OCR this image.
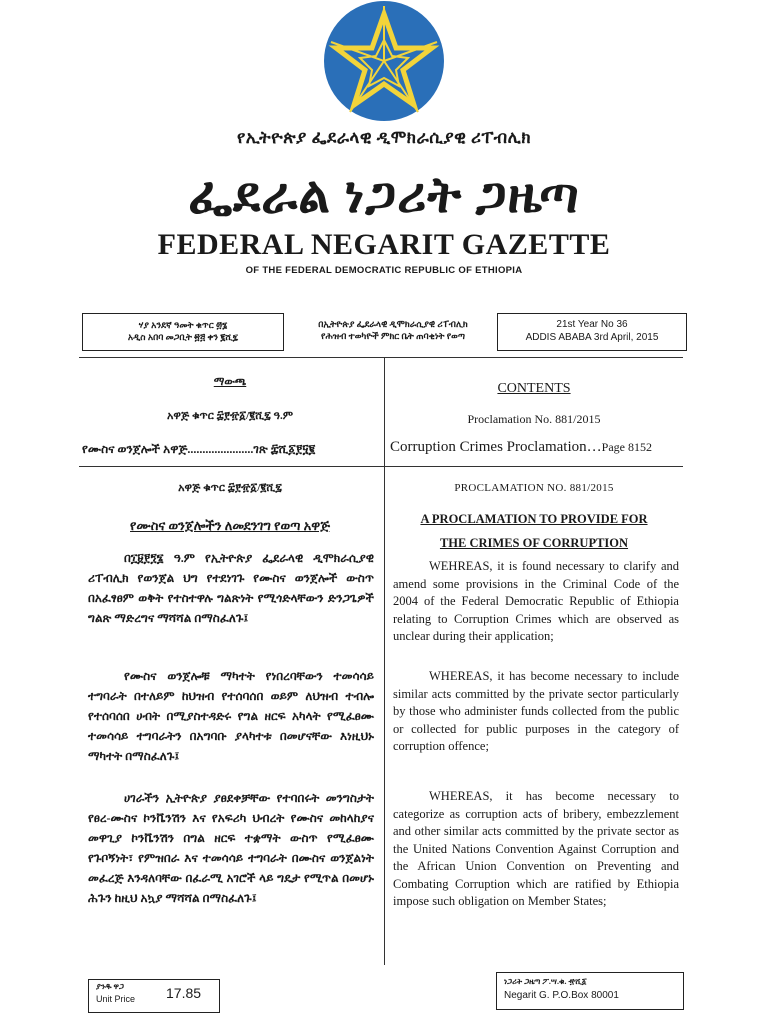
የኢትዮጵያ ፌደራላዊ ዲሞክራሲያዊ ሪፐብሊክ
ፌደራል ነጋሪት ጋዜጣ
FEDERAL NEGARIT GAZETTE
OF THE FEDERAL DEMOCRATIC REPUBLIC OF ETHIOPIA
ሃያ አንደኛ ዓመት ቁጥር ፴፮
አዲስ አበባ መጋቢት ፳፭ ቀን ፪ሺ፯
በኢትዮጵያ ፌደራላዊ ዲሞክራሲያዊ ሪፐብሊክ
የሕዝብ ተወካዮች ምክር ቤት ጠባቂነት የወጣ
21st Year No 36
ADDIS ABABA 3rd April, 2015
ማውጫ
አዋጅ ቁጥር ፰፻፹፩/፪ሺ፯ ዓ.ም
የሙስና ወንጀሎች አዋጅ......................ገጽ ፰ሺ፩፻፶፪
CONTENTS
Proclamation No. 881/2015
Corruption Crimes Proclamation…Page 8152
PROCLAMATION NO. 881/2015
A PROCLAMATION TO PROVIDE FOR
THE CRIMES OF CORRUPTION

WEHREAS, it is found necessary to clarify and amend some provisions in the Criminal Code of the 2004 of the Federal Democratic Republic of Ethiopia relating to Corruption Crimes which are observed as unclear during their application;

WHEREAS, it has become necessary to include similar acts committed by the private sector particularly by those who administer funds collected from the public or collected for public purposes in the category of corruption offence;

WHEREAS, it has become necessary to categorize as corruption acts of bribery, embezzlement and other similar acts committed by the private sector as the United Nations Convention Against Corruption and the African Union Convention on Preventing and Combating Corruption which are ratified by Ethiopia impose such obligation on Member States;

አዋጅ ቁጥር ፰፻፹፩/፪ሺ፯
የሙስና ወንጀሎችን ለመደንገግ የወጣ አዋጅ

በ፲፱፻፺፮ ዓ.ም የኢትዮጵያ ፌደራላዊ ዲሞክራሲያዊ ሪፐብሊክ የወንጀል ህግ የተደነገጉ የሙስና ወንጀሎች ውስጥ በአፈፃፀም ወቅት የተስተዋሉ ግልጽነት የሚጎድላቸውን ድንጋጌዎች ግልጽ ማድረግና ማሻሻል በማስፈለጉ፤

የሙስና ወንጀሎቹ ማካተት የነበረባቸውን ተመሳሳይ ተግባራት በተለይም ከህዝብ የተሰባሰበ ወይም ለህዝብ ተብሎ የተሰባሰበ ሀብት በሚያስተዳድሩ የግል ዘርፍ አካላት የሚፈፀሙ ተመሳሳይ ተግባራትን በአግባቡ ያላካተቱ በመሆናቸው እነዚህኑ ማካተት በማስፈለጉ፤

ሀገራችን ኢትዮጵያ ያፀደቀቻቸው የተባበሩት መንግስታት የፀረ-ሙስና ኮንቬንሽን እና የአፍሪካ ህብረት የሙስና መከላከያና መዋጊያ ኮንቬንሽን በግል ዘርፍ ተቋማት ውስጥ የሚፈፀሙ የጉቦኝነት፣ የምዝበራ እና ተመሳሳይ ተግባራት በሙስና ወንጀልነት መፈረጅ እንዳለባቸው በፈራሚ አገሮች ላይ ግዴታ የሚጥል በመሆኑ ሕጉን ከዚህ አኳያ ማሻሻል በማስፈለጉ፤

ያንዱ ዋጋ
Unit Price 17.85
ነጋሪት ጋዜጣ ፖ.ሣ.ቁ. ፹ሺ፩
Negarit G. P.O.Box 80001
